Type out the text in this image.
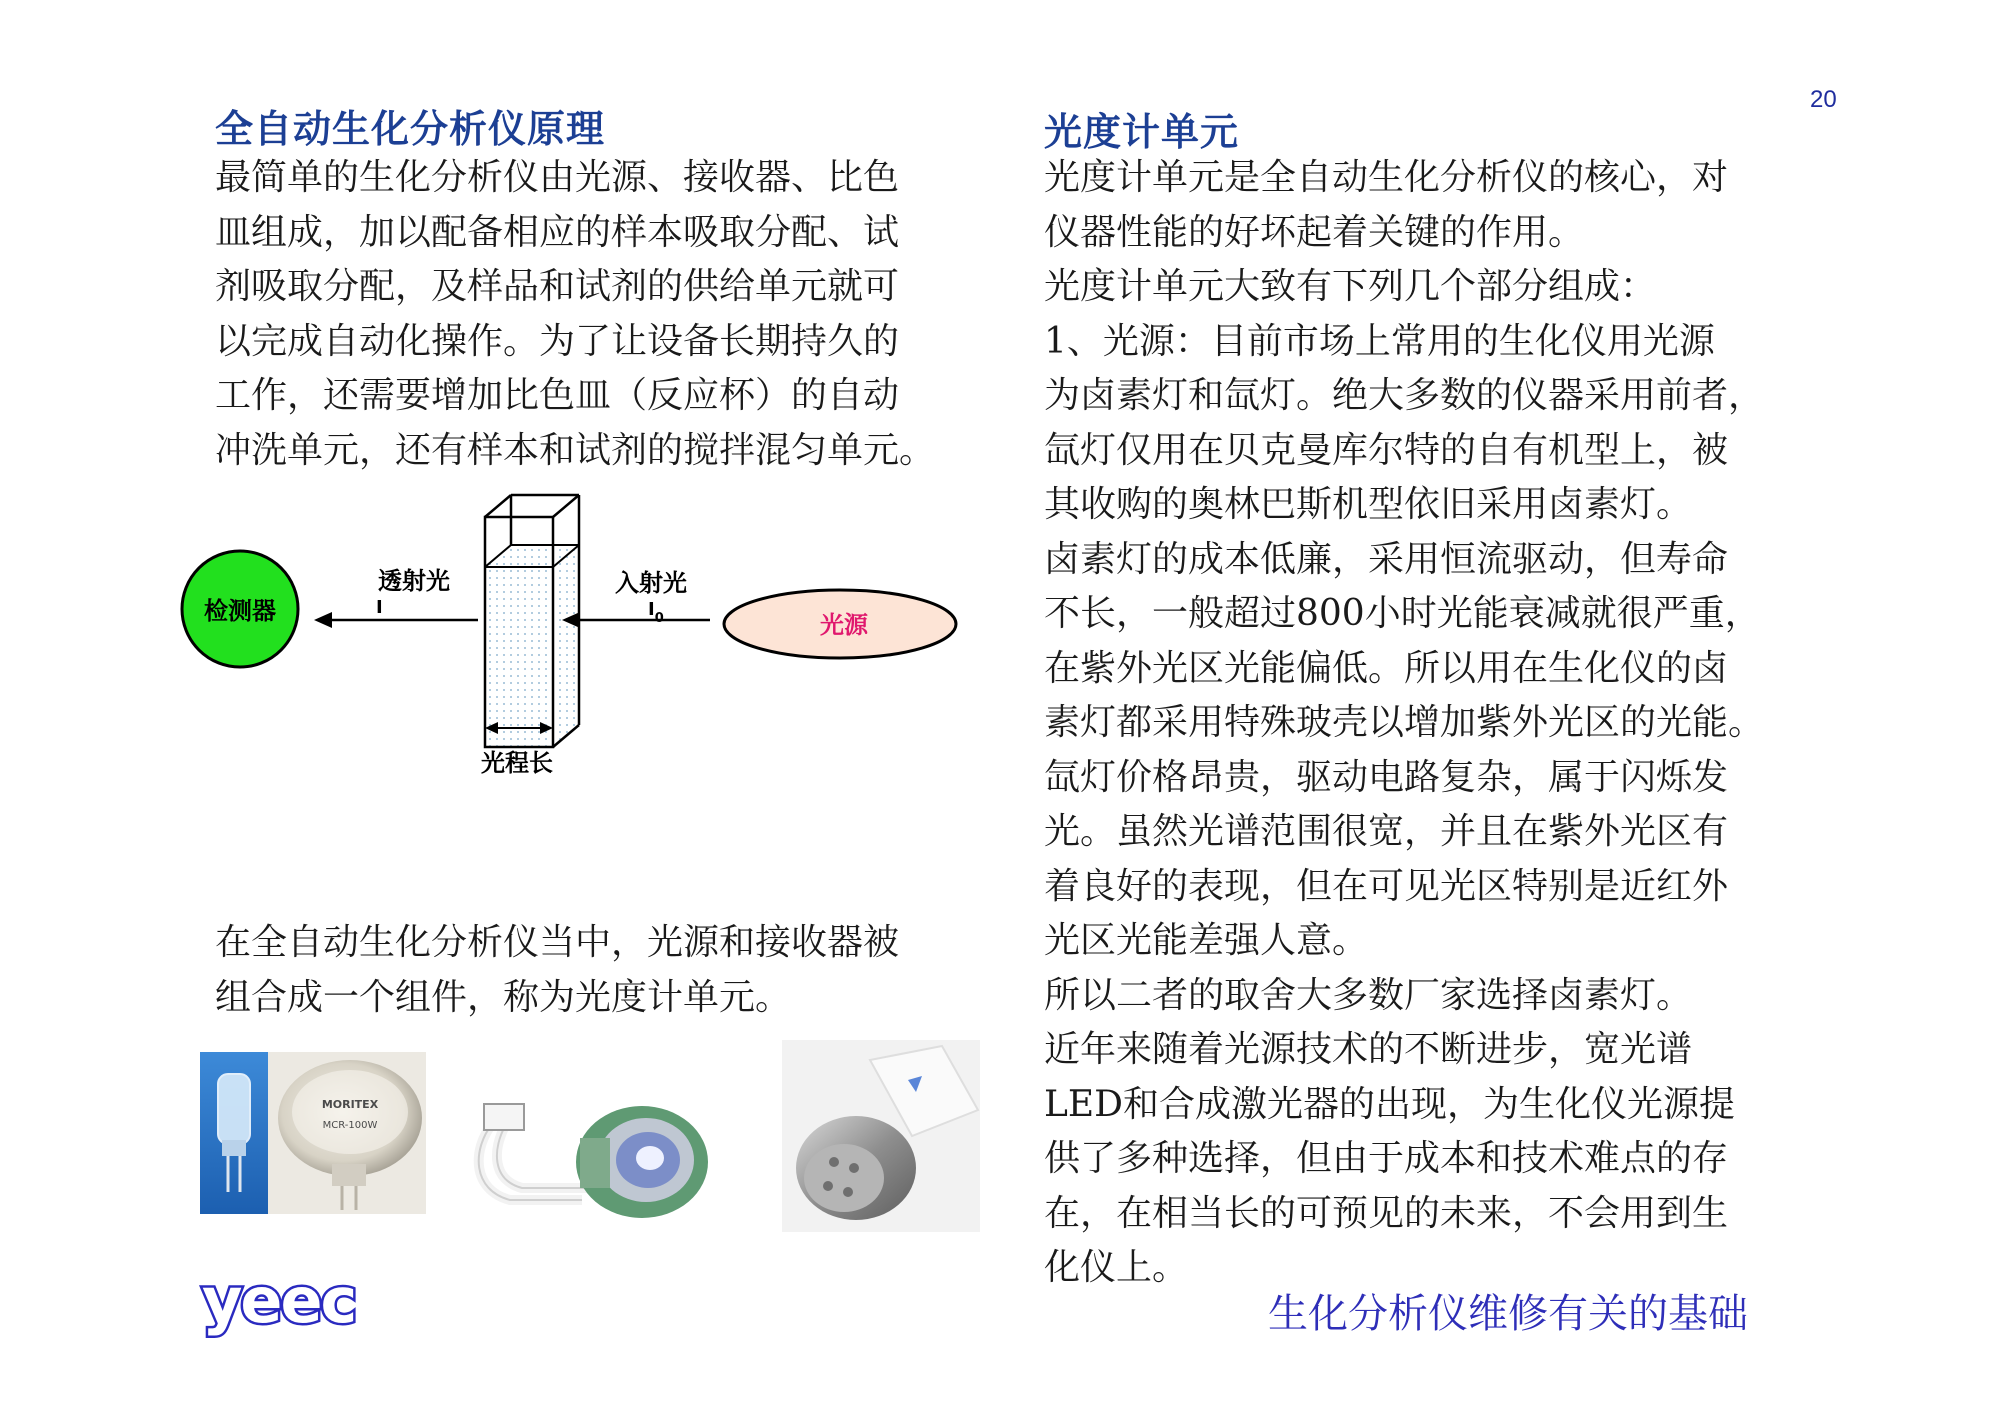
20
全自动生化分析仪原理
最简单的生化分析仪由光源、接收器、比色
皿组成，加以配备相应的样本吸取分配、试
剂吸取分配，及样品和试剂的供给单元就可
以完成自动化操作。为了让设备长期持久的
工作，还需要增加比色皿（反应杯）的自动
冲洗单元，还有样本和试剂的搅拌混匀单元。
检测器
透射光
I
光程长
入射光
$I_0$	光源
在全自动生化分析仪当中，光源和接收器被
组合成一个组件，称为光度计单元。
MORITEX
MCR-100W
光度计单元
光度计单元是全自动生化分析仪的核心，对
仪器性能的好坏起着关键的作用。
光度计单元大致有下列几个部分组成：
1、光源：目前市场上常用的生化仪用光源
为卤素灯和氙灯。绝大多数的仪器采用前者，
氙灯仅用在贝克曼库尔特的自有机型上，被
其收购的奥林巴斯机型依旧采用卤素灯。
卤素灯的成本低廉，采用恒流驱动，但寿命
不长，一般超过800小时光能衰减就很严重，
在紫外光区光能偏低。所以用在生化仪的卤
素灯都采用特殊玻壳以增加紫外光区的光能。
氙灯价格昂贵，驱动电路复杂，属于闪烁发
光。虽然光谱范围很宽，并且在紫外光区有
着良好的表现，但在可见光区特别是近红外
光区光能差强人意。
所以二者的取舍大多数厂家选择卤素灯。
近年来随着光源技术的不断进步，宽光谱
LED和合成激光器的出现，为生化仪光源提
供了多种选择，但由于成本和技术难点的存
在，在相当长的可预见的未来，不会用到生
化仪上。
yeec	生化分析仪维修有关的基础
